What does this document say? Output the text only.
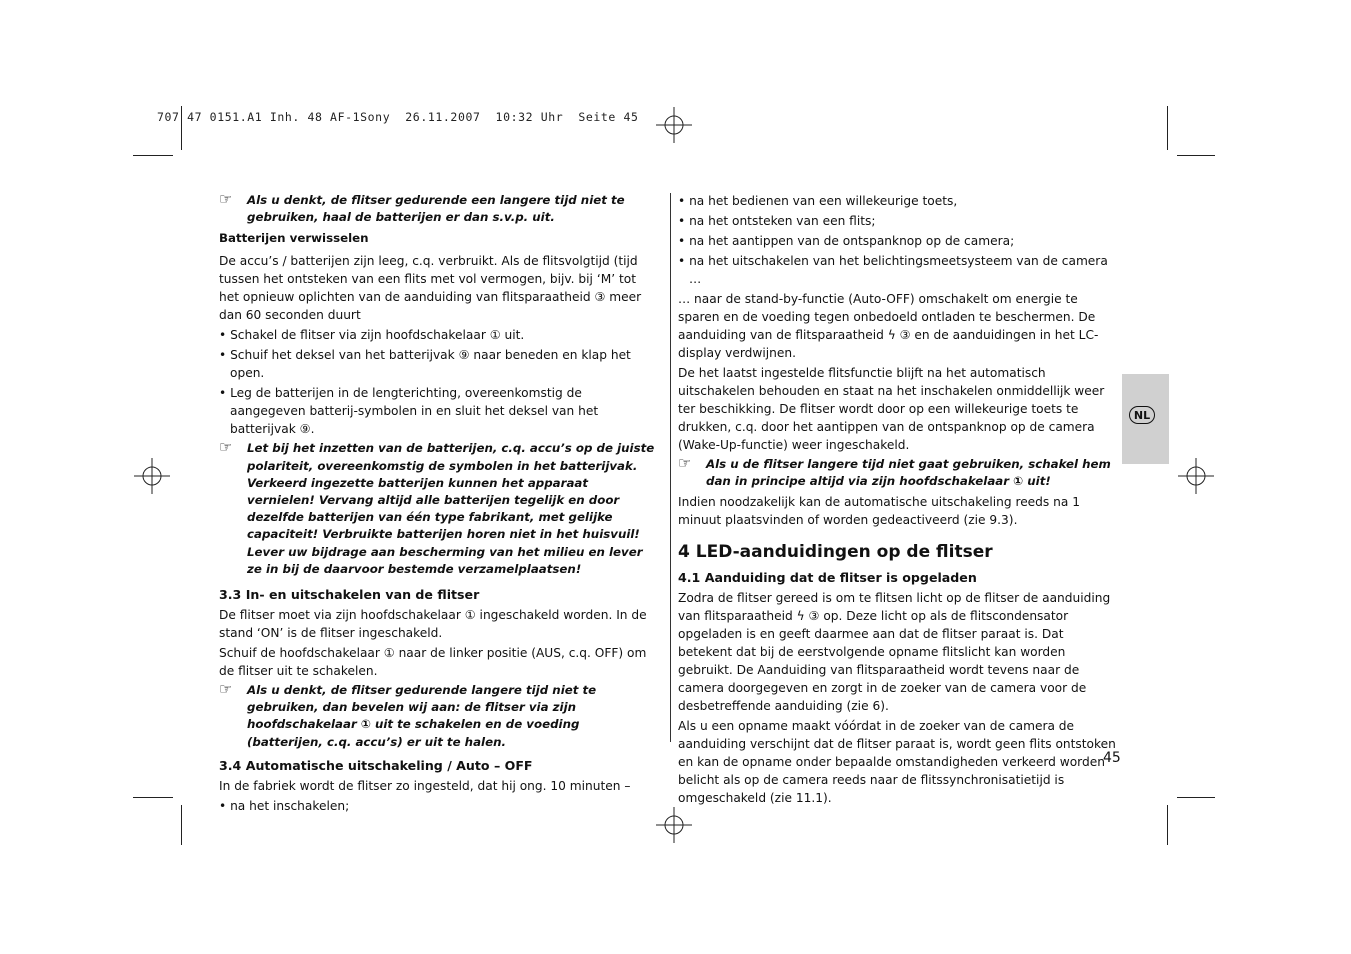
707 47 0151.A1 Inh. 48 AF-1Sony  26.11.2007  10:32 Uhr  Seite 45
☞ Als u denkt, de flitser gedurende een langere tijd niet te gebruiken, haal de batterijen er dan s.v.p. uit.
Batterijen verwisselen

De accu’s / batterijen zijn leeg, c.q. verbruikt. Als de flitsvolgtijd (tijd tussen het ontsteken van een flits met vol vermogen, bijv. bij ‘M’ tot het opnieuw oplichten van de aanduiding van flitsparaatheid ③ meer dan 60 seconden duurt

• Schakel de flitser via zijn hoofdschakelaar ① uit.

• Schuif het deksel van het batterijvak ⑨ naar beneden en klap het open.

• Leg de batterijen in de lengterichting, overeenkomstig de aangegeven batterij-symbolen in en sluit het deksel van het batterijvak ⑨.

☞ Let bij het inzetten van de batterijen, c.q. accu’s op de juiste polariteit, overeenkomstig de symbolen in het batterijvak. Verkeerd ingezette batterijen kunnen het apparaat vernielen! Vervang altijd alle batterijen tegelijk en door dezelfde batterijen van één type fabrikant, met gelijke capaciteit! Verbruikte batterijen horen niet in het huisvuil! Lever uw bijdrage aan bescherming van het milieu en lever ze in bij de daarvoor bestemde verzamelplaatsen!
3.3 In- en uitschakelen van de flitser

De flitser moet via zijn hoofdschakelaar ① ingeschakeld worden. In de stand ‘ON’ is de flitser ingeschakeld.

Schuif de hoofdschakelaar ① naar de linker positie (AUS, c.q. OFF) om de flitser uit te schakelen.

☞ Als u denkt, de flitser gedurende langere tijd niet te gebruiken, dan bevelen wij aan: de flitser via zijn hoofdschakelaar ① uit te schakelen en de voeding (batterijen, c.q. accu’s) er uit te halen.
3.4 Automatische uitschakeling / Auto – OFF

In de fabriek wordt de flitser zo ingesteld, dat hij ong. 10 minuten –

• na het inschakelen;

• na het bedienen van een willekeurige toets,

• na het ontsteken van een flits;

• na het aantippen van de ontspanknop op de camera;

• na het uitschakelen van het belichtingsmeetsysteem van de camera …

… naar de stand-by-functie (Auto-OFF) omschakelt om energie te sparen en de voeding tegen onbedoeld ontladen te beschermen. De aanduiding van de flitsparaatheid ϟ ③ en de aanduidingen in het LC-display verdwijnen.

De het laatst ingestelde flitsfunctie blijft na het automatisch uitschakelen behouden en staat na het inschakelen onmiddellijk weer ter beschikking. De flitser wordt door op een willekeurige toets te drukken, c.q. door het aantippen van de ontspanknop op de camera (Wake-Up-functie) weer ingeschakeld.

☞ Als u de flitser langere tijd niet gaat gebruiken, schakel hem dan in principe altijd via zijn hoofdschakelaar ① uit!

Indien noodzakelijk kan de automatische uitschakeling reeds na 1 minuut plaatsvinden of worden gedeactiveerd (zie 9.3).

4 LED-aanduidingen op de flitser
4.1 Aanduiding dat de flitser is opgeladen

Zodra de flitser gereed is om te flitsen licht op de flitser de aanduiding van flitsparaatheid ϟ ③ op. Deze licht op als de flitscondensator opgeladen is en geeft daarmee aan dat de flitser paraat is. Dat betekent dat bij de eerstvolgende opname flitslicht kan worden gebruikt. De Aanduiding van flitsparaatheid wordt tevens naar de camera doorgegeven en zorgt in de zoeker van de camera voor de desbetreffende aanduiding (zie 6).

Als u een opname maakt vóórdat in de zoeker van de camera de aanduiding verschijnt dat de flitser paraat is, wordt geen flits ontstoken en kan de opname onder bepaalde omstandigheden verkeerd worden belicht als op de camera reeds naar de flitssynchronisatietijd is omgeschakeld (zie 11.1).

NL
45
